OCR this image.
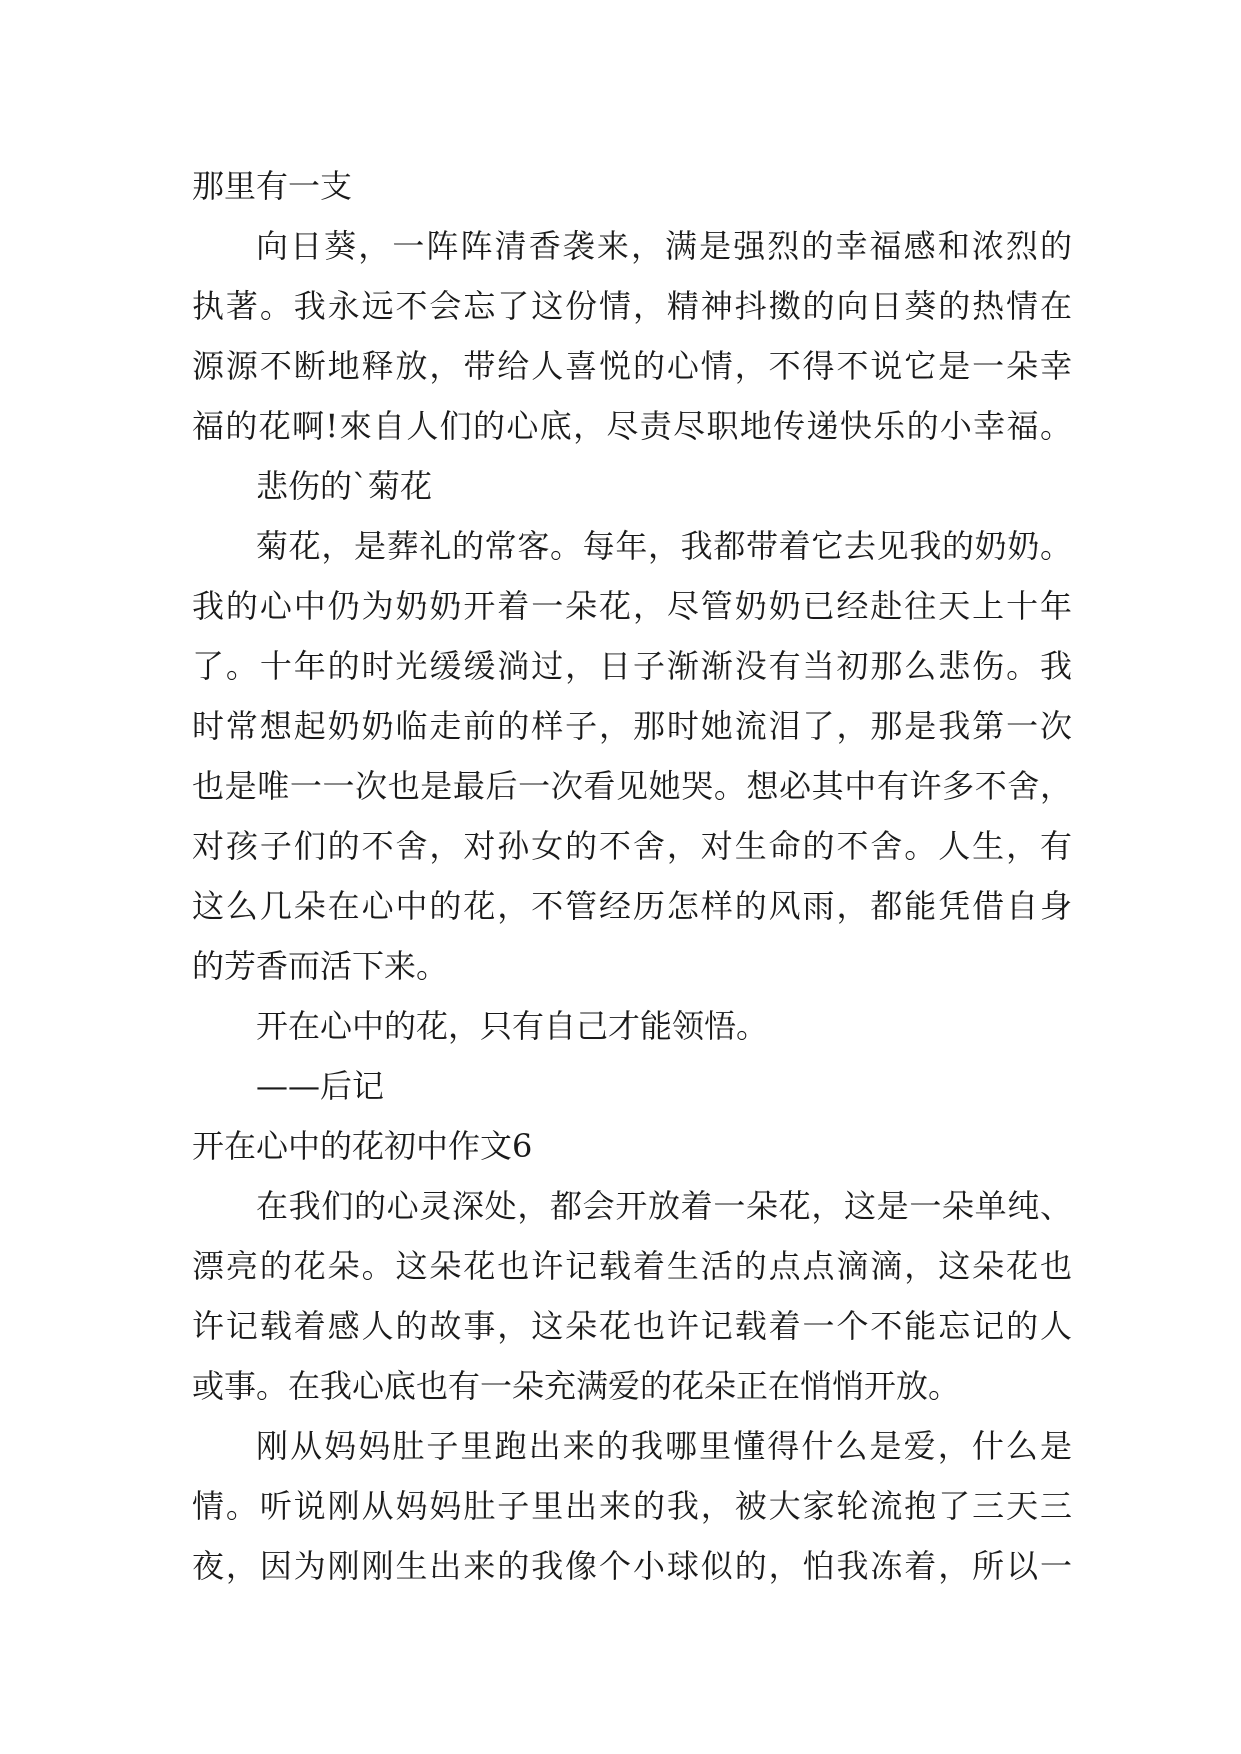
那里有一支
向日葵，一阵阵清香袭来，满是强烈的幸福感和浓烈的
执著。我永远不会忘了这份情，精神抖擞的向日葵的热情在
源源不断地释放，带给人喜悦的心情，不得不说它是一朵幸
福的花啊!來自人们的心底，尽责尽职地传递快乐的小幸福。
悲伤的`菊花
菊花，是葬礼的常客。每年，我都带着它去见我的奶奶。
我的心中仍为奶奶开着一朵花，尽管奶奶已经赴往天上十年
了。十年的时光缓缓淌过，日子渐渐没有当初那么悲伤。我
时常想起奶奶临走前的样子，那时她流泪了，那是我第一次
也是唯一一次也是最后一次看见她哭。想必其中有许多不舍，
对孩子们的不舍，对孙女的不舍，对生命的不舍。人生，有
这么几朵在心中的花，不管经历怎样的风雨，都能凭借自身
的芳香而活下来。
开在心中的花，只有自己才能领悟。
——后记
开在心中的花初中作文6
在我们的心灵深处，都会开放着一朵花，这是一朵单纯、
漂亮的花朵。这朵花也许记载着生活的点点滴滴，这朵花也
许记载着感人的故事，这朵花也许记载着一个不能忘记的人
或事。在我心底也有一朵充满爱的花朵正在悄悄开放。
刚从妈妈肚子里跑出来的我哪里懂得什么是爱，什么是
情。听说刚从妈妈肚子里出来的我，被大家轮流抱了三天三
夜，因为刚刚生出来的我像个小球似的，怕我冻着，所以一
